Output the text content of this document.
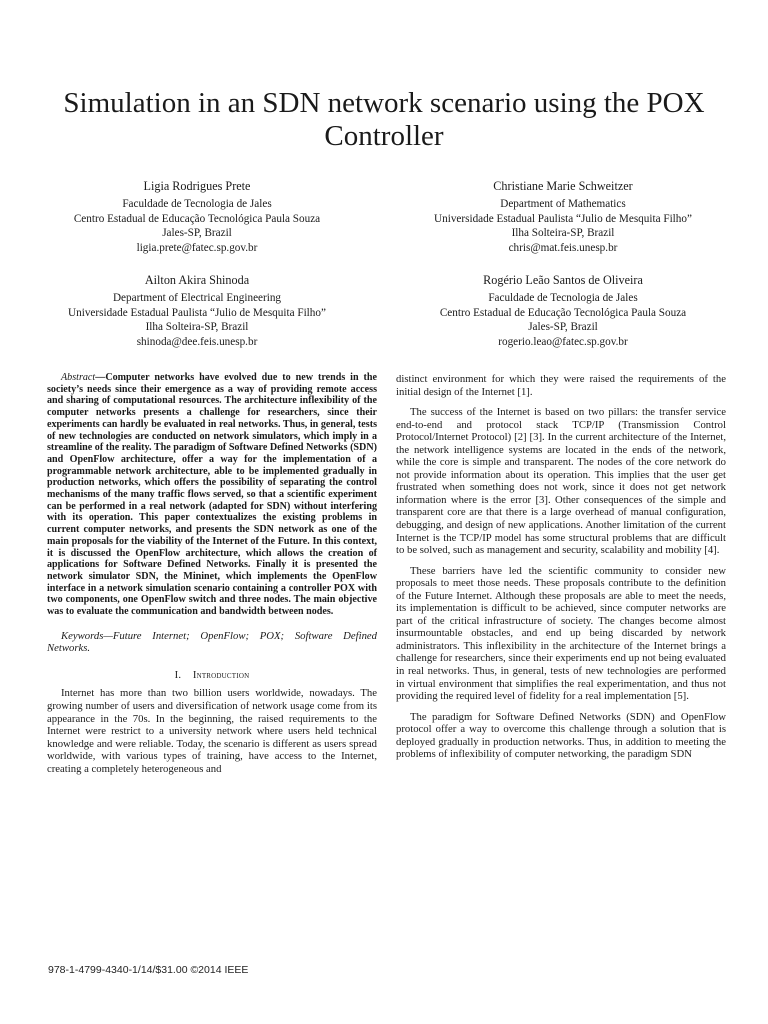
Simulation in an SDN network scenario using the POX Controller
Ligia Rodrigues Prete
Faculdade de Tecnologia de Jales
Centro Estadual de Educação Tecnológica Paula Souza
Jales-SP, Brazil
ligia.prete@fatec.sp.gov.br
Christiane Marie Schweitzer
Department of Mathematics
Universidade Estadual Paulista “Julio de Mesquita Filho”
Ilha Solteira-SP, Brazil
chris@mat.feis.unesp.br
Ailton Akira Shinoda
Department of Electrical Engineering
Universidade Estadual Paulista “Julio de Mesquita Filho”
Ilha Solteira-SP, Brazil
shinoda@dee.feis.unesp.br
Rogério Leão Santos de Oliveira
Faculdade de Tecnologia de Jales
Centro Estadual de Educação Tecnológica Paula Souza
Jales-SP, Brazil
rogerio.leao@fatec.sp.gov.br

Abstract—Computer networks have evolved due to new trends in the society’s needs since their emergence as a way of providing remote access and sharing of computational resources. The architecture inflexibility of the computer networks presents a challenge for researchers, since their experiments can hardly be evaluated in real networks. Thus, in general, tests of new technologies are conducted on network simulators, which imply in a streamline of the reality. The paradigm of Software Defined Networks (SDN) and OpenFlow architecture, offer a way for the implementation of a programmable network architecture, able to be implemented gradually in production networks, which offers the possibility of separating the control mechanisms of the many traffic flows served, so that a scientific experiment can be performed in a real network (adapted for SDN) without interfering with its operation. This paper contextualizes the existing problems in current computer networks, and presents the SDN network as one of the main proposals for the viability of the Internet of the Future. In this context, it is discussed the OpenFlow architecture, which allows the creation of applications for Software Defined Networks. Finally it is presented the network simulator SDN, the Mininet, which implements the OpenFlow interface in a network simulation scenario containing a controller POX with two components, one OpenFlow switch and three nodes. The main objective was to evaluate the communication and bandwidth between nodes.

Keywords—Future Internet; OpenFlow; POX; Software Defined Networks.

I. Introduction

Internet has more than two billion users worldwide, nowadays. The growing number of users and diversification of network usage come from its appearance in the 70s. In the beginning, the raised requirements to the Internet were restrict to a university network where users held technical knowledge and were reliable. Today, the scenario is different as users spread worldwide, with various types of training, have access to the Internet, creating a completely heterogeneous and

distinct environment for which they were raised the requirements of the initial design of the Internet [1].

The success of the Internet is based on two pillars: the transfer service end-to-end and protocol stack TCP/IP (Transmission Control Protocol/Internet Protocol) [2] [3]. In the current architecture of the Internet, the network intelligence systems are located in the ends of the network, while the core is simple and transparent. The nodes of the core network do not provide information about its operation. This implies that the user get frustrated when something does not work, since it does not get network information where is the error [3]. Other consequences of the simple and transparent core are that there is a large overhead of manual configuration, debugging, and design of new applications. Another limitation of the current Internet is the TCP/IP model has some structural problems that are difficult to be solved, such as management and security, scalability and mobility [4].

These barriers have led the scientific community to consider new proposals to meet those needs. These proposals contribute to the definition of the Future Internet. Although these proposals are able to meet the needs, its implementation is difficult to be achieved, since computer networks are part of the critical infrastructure of society. The changes become almost insurmountable obstacles, and end up being discarded by network administrators. This inflexibility in the architecture of the Internet brings a challenge for researchers, since their experiments end up not being evaluated in real networks. Thus, in general, tests of new technologies are performed in virtual environment that simplifies the real experimentation, and thus not providing the required level of fidelity for a real implementation [5].

The paradigm for Software Defined Networks (SDN) and OpenFlow protocol offer a way to overcome this challenge through a solution that is deployed gradually in production networks. Thus, in addition to meeting the problems of inflexibility of computer networking, the paradigm SDN

978-1-4799-4340-1/14/$31.00 ©2014 IEEE
